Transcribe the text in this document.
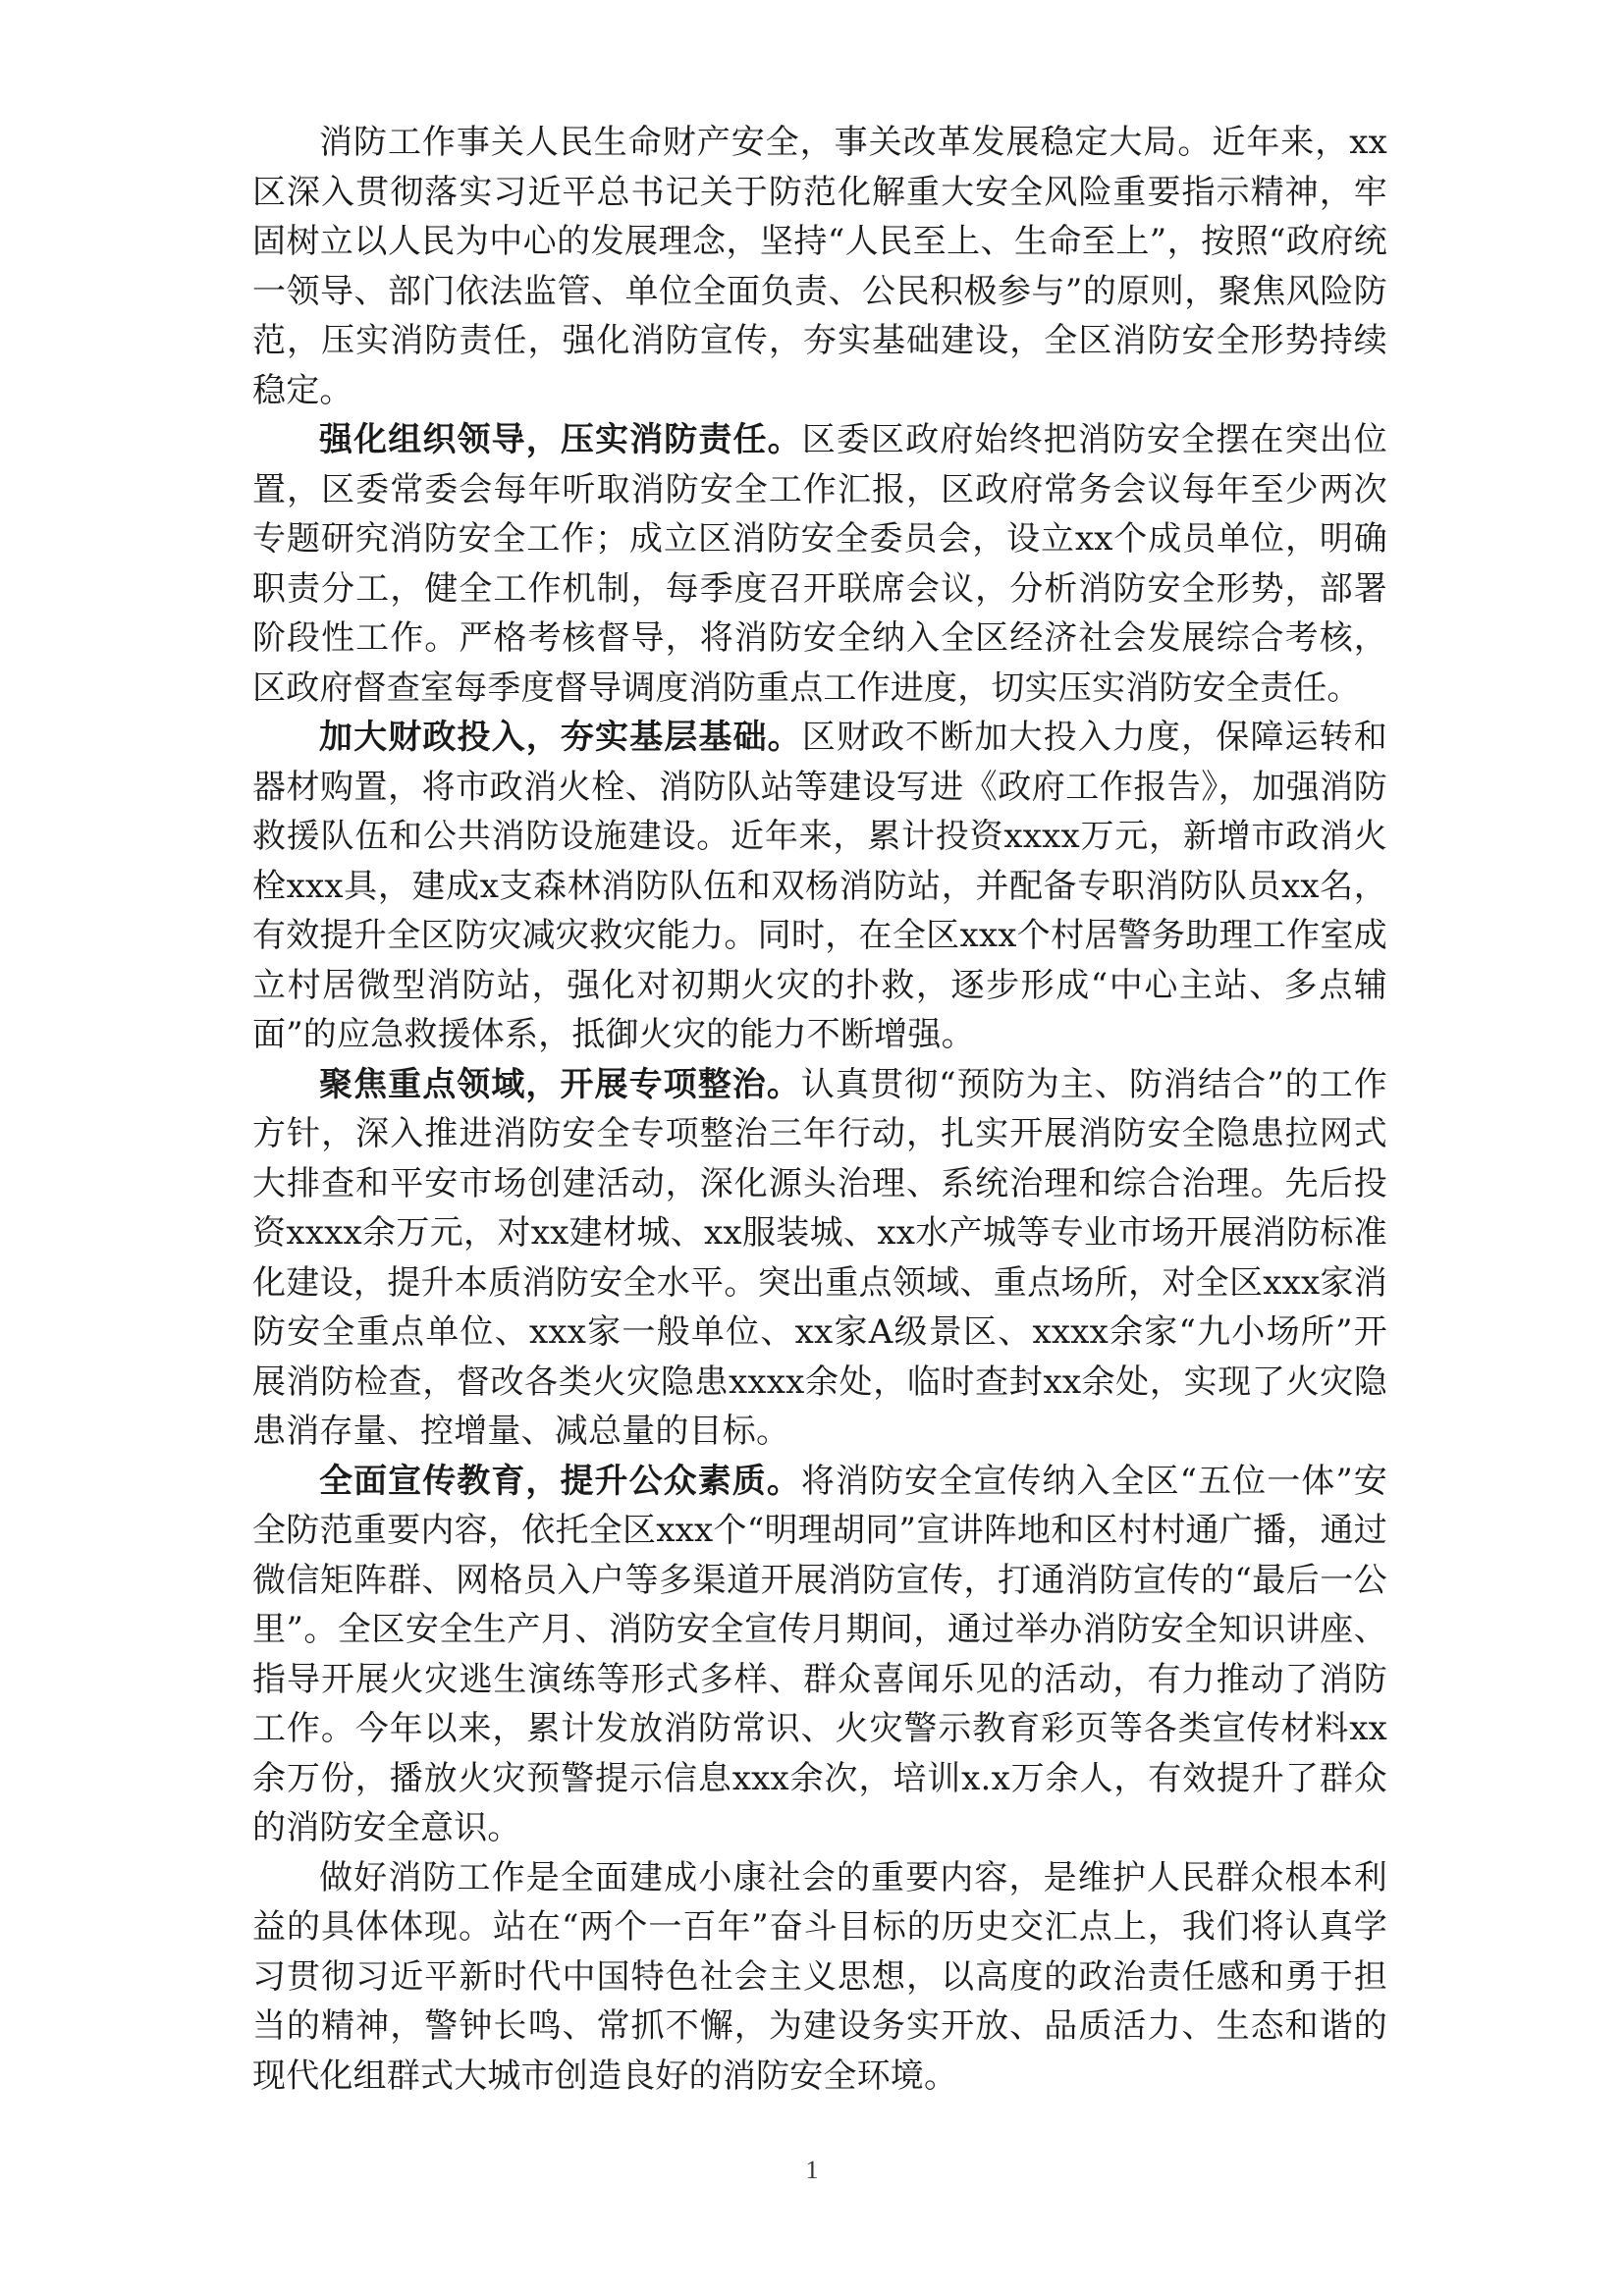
消防工作事关人民生命财产安全，事关改革发展稳定大局。近年来，xx区深入贯彻落实习近平总书记关于防范化解重大安全风险重要指示精神，牢固树立以人民为中心的发展理念，坚持“人民至上、生命至上”，按照“政府统一领导、部门依法监管、单位全面负责、公民积极参与”的原则，聚焦风险防范，压实消防责任，强化消防宣传，夯实基础建设，全区消防安全形势持续稳定。

强化组织领导，压实消防责任。区委区政府始终把消防安全摆在突出位置，区委常委会每年听取消防安全工作汇报，区政府常务会议每年至少两次专题研究消防安全工作；成立区消防安全委员会，设立xx个成员单位，明确职责分工，健全工作机制，每季度召开联席会议，分析消防安全形势，部署阶段性工作。严格考核督导，将消防安全纳入全区经济社会发展综合考核，区政府督查室每季度督导调度消防重点工作进度，切实压实消防安全责任。

加大财政投入，夯实基层基础。区财政不断加大投入力度，保障运转和器材购置，将市政消火栓、消防队站等建设写进《政府工作报告》，加强消防救援队伍和公共消防设施建设。近年来，累计投资xxxx万元，新增市政消火栓xxx具，建成x支森林消防队伍和双杨消防站，并配备专职消防队员xx名，有效提升全区防灾减灾救灾能力。同时，在全区xxx个村居警务助理工作室成立村居微型消防站，强化对初期火灾的扑救，逐步形成“中心主站、多点辅面”的应急救援体系，抵御火灾的能力不断增强。

聚焦重点领域，开展专项整治。认真贯彻“预防为主、防消结合”的工作方针，深入推进消防安全专项整治三年行动，扎实开展消防安全隐患拉网式大排查和平安市场创建活动，深化源头治理、系统治理和综合治理。先后投资xxxx余万元，对xx建材城、xx服装城、xx水产城等专业市场开展消防标准化建设，提升本质消防安全水平。突出重点领域、重点场所，对全区xxx家消防安全重点单位、xxx家一般单位、xx家A级景区、xxxx余家“九小场所”开展消防检查，督改各类火灾隐患xxxx余处，临时查封xx余处，实现了火灾隐患消存量、控增量、减总量的目标。

全面宣传教育，提升公众素质。将消防安全宣传纳入全区“五位一体”安全防范重要内容，依托全区xxx个“明理胡同”宣讲阵地和区村村通广播，通过微信矩阵群、网格员入户等多渠道开展消防宣传，打通消防宣传的“最后一公里”。全区安全生产月、消防安全宣传月期间，通过举办消防安全知识讲座、指导开展火灾逃生演练等形式多样、群众喜闻乐见的活动，有力推动了消防工作。今年以来，累计发放消防常识、火灾警示教育彩页等各类宣传材料xx余万份，播放火灾预警提示信息xxx余次，培训x.x万余人，有效提升了群众的消防安全意识。

做好消防工作是全面建成小康社会的重要内容，是维护人民群众根本利益的具体体现。站在“两个一百年”奋斗目标的历史交汇点上，我们将认真学习贯彻习近平新时代中国特色社会主义思想，以高度的政治责任感和勇于担当的精神，警钟长鸣、常抓不懈，为建设务实开放、品质活力、生态和谐的现代化组群式大城市创造良好的消防安全环境。

1
